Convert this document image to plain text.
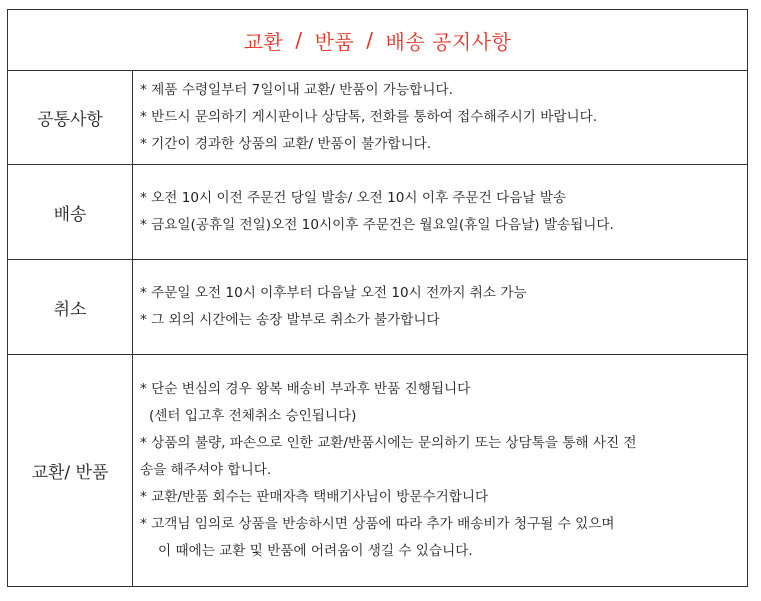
교환 / 반품 / 배송 공지사항
공통사항
* 제품 수령일부터 7일이내 교환/ 반품이 가능합니다.
* 반드시 문의하기 게시판이나 상담톡, 전화를 통하여 접수해주시기 바랍니다.
* 기간이 경과한 상품의 교환/ 반품이 불가합니다.
배송
* 오전 10시 이전 주문건 당일 발송/ 오전 10시 이후 주문건 다음날 발송
* 금요일(공휴일 전일)오전 10시이후 주문건은 월요일(휴일 다음날) 발송됩니다.
취소
* 주문일 오전 10시 이후부터 다음날 오전 10시 전까지 취소 가능
* 그 외의 시간에는 송장 발부로 취소가 불가합니다
교환/ 반품
* 단순 변심의 경우 왕복 배송비 부과후 반품 진행됩니다
(센터 입고후 전체취소 승인됩니다)
* 상품의 불량, 파손으로 인한 교환/반품시에는 문의하기 또는 상담톡을 통해 사진 전
송을 해주셔야 합니다.
* 교환/반품 회수는 판매자측 택배기사님이 방문수거합니다
* 고객님 임의로 상품을 반송하시면 상품에 따라 추가 배송비가 청구될 수 있으며
이 때에는 교환 및 반품에 어려움이 생길 수 있습니다.
